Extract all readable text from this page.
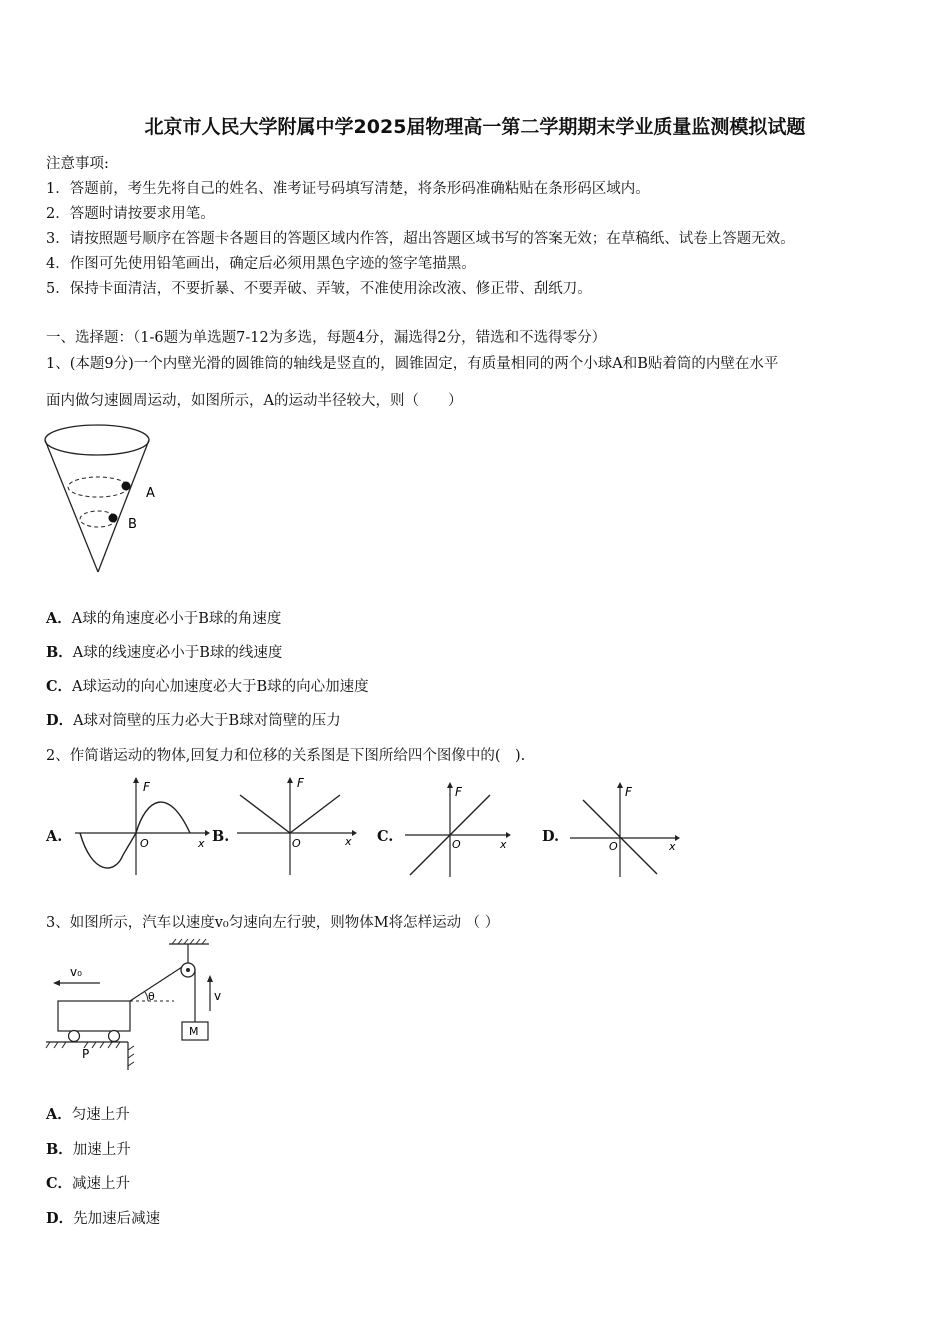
北京市人民大学附属中学2025届物理高一第二学期期末学业质量监测模拟试题
注意事项:
1．答题前，考生先将自己的姓名、准考证号码填写清楚，将条形码准确粘贴在条形码区域内。
2．答题时请按要求用笔。
3．请按照题号顺序在答题卡各题目的答题区域内作答，超出答题区域书写的答案无效；在草稿纸、试卷上答题无效。
4．作图可先使用铅笔画出，确定后必须用黑色字迹的签字笔描黑。
5．保持卡面清洁，不要折暴、不要弄破、弄皱，不准使用涂改液、修正带、刮纸刀。
一、选择题：（1-6题为单选题7-12为多选，每题4分，漏选得2分，错选和不选得零分）
1、(本题9分)一个内壁光滑的圆锥筒的轴线是竖直的，圆锥固定，有质量相同的两个小球A和B贴着筒的内壁在水平
面内做匀速圆周运动，如图所示，A的运动半径较大，则（　　）
A
B
A．A球的角速度必小于B球的角速度
B．A球的线速度必小于B球的线速度
C．A球运动的向心加速度必大于B球的向心加速度
D．A球对筒壁的压力必大于B球对筒壁的压力
2、作简谐运动的物体,回复力和位移的关系图是下图所给四个图像中的(　).
A.
F
x
O	B.
F
x
O	C.
F
x
O	D.
F
x
O
3、如图所示，汽车以速度v₀匀速向左行驶，则物体M将怎样运动 （ ）
θ
M
v
v₀
P
A．匀速上升
B．加速上升
C．减速上升
D．先加速后减速
